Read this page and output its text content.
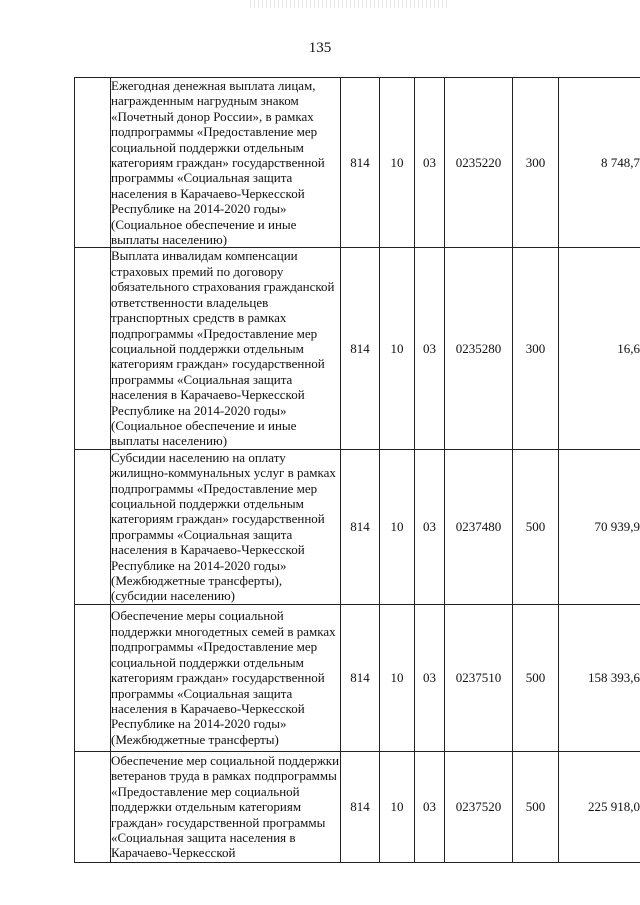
135
	Ежегодная денежная выплата лицам, награжденным нагрудным знаком «Почетный донор России», в рамках подпрограммы «Предоставление мер социальной поддержки отдельным категориям граждан» государственной программы «Социальная защита населения в Карачаево-Черкесской Республике на 2014-2020 годы» (Социальное обеспечение и иные выплаты населению)	814	10	03	0235220	300	8 748,7
	Выплата инвалидам компенсации страховых премий по договору обязательного страхования гражданской ответственности владельцев транспортных средств в рамках подпрограммы «Предоставление мер социальной поддержки отдельным категориям граждан» государственной программы «Социальная защита населения в Карачаево-Черкесской Республике на 2014-2020 годы» (Социальное обеспечение и иные выплаты населению)	814	10	03	0235280	300	16,6
	Субсидии населению на оплату жилищно-коммунальных услуг в рамках подпрограммы «Предоставление мер социальной поддержки отдельным категориям граждан» государственной программы «Социальная защита населения в Карачаево-Черкесской Республике на 2014-2020 годы» (Межбюджетные трансферты), (субсидии населению)	814	10	03	0237480	500	70 939,9
	Обеспечение меры социальной поддержки многодетных семей в рамках подпрограммы «Предоставление мер социальной поддержки отдельным категориям граждан» государственной программы «Социальная защита населения в Карачаево-Черкесской Республике на 2014-2020 годы» (Межбюджетные трансферты)	814	10	03	0237510	500	158 393,6
	Обеспечение мер социальной поддержки ветеранов труда в рамках подпрограммы «Предоставление мер социальной поддержки отдельным категориям граждан» государственной программы «Социальная защита населения в Карачаево-Черкесской	814	10	03	0237520	500	225 918,0
